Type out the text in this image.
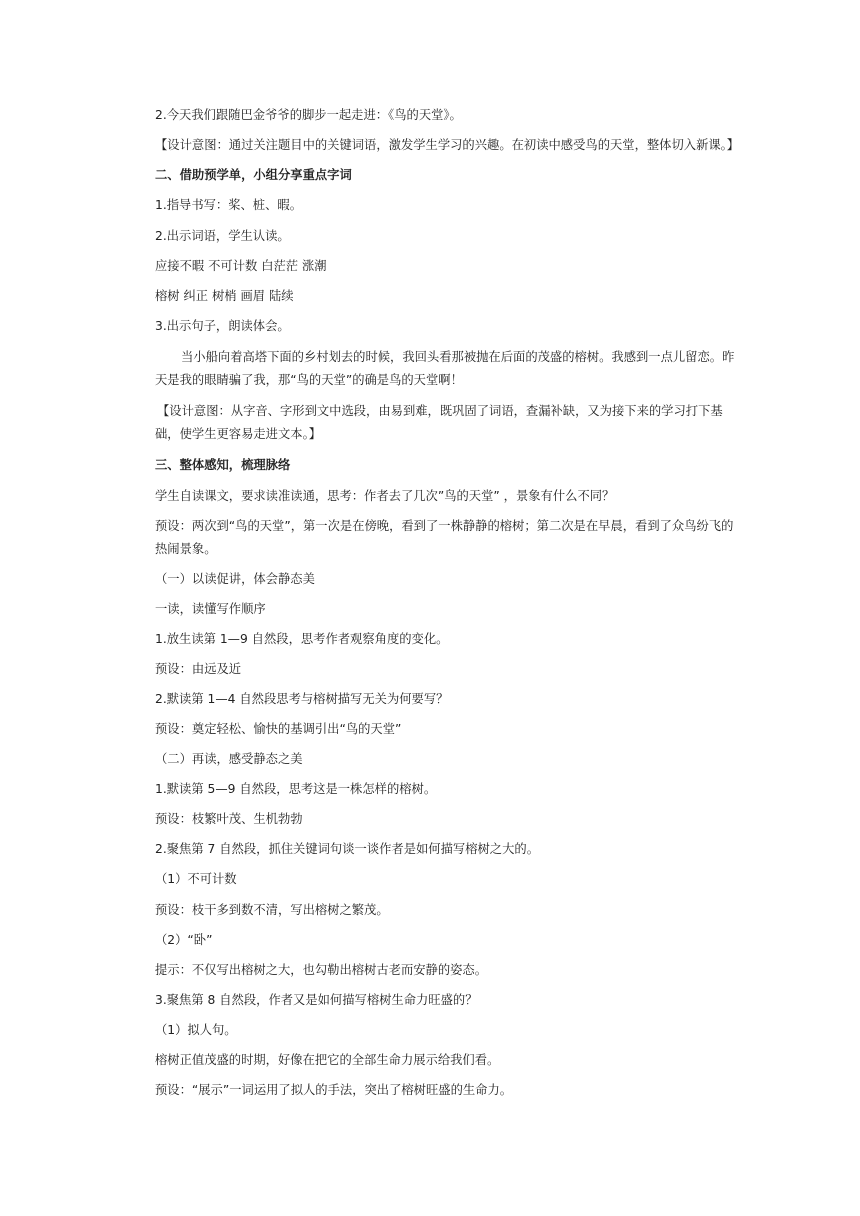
2.今天我们跟随巴金爷爷的脚步一起走进：《鸟的天堂》。
【设计意图：通过关注题目中的关键词语，激发学生学习的兴趣。在初读中感受鸟的天堂，整体切入新课。】
二、借助预学单，小组分享重点字词
1.指导书写：桨、桩、暇。
2.出示词语，学生认读。
应接不暇 不可计数 白茫茫 涨潮
榕树 纠正 树梢 画眉 陆续
3.出示句子，朗读体会。
当小船向着高塔下面的乡村划去的时候，我回头看那被抛在后面的茂盛的榕树。我感到一点儿留恋。昨天是我的眼睛骗了我，那“鸟的天堂”的确是鸟的天堂啊！
【设计意图：从字音、字形到文中选段，由易到难，既巩固了词语，查漏补缺，又为接下来的学习打下基础，使学生更容易走进文本。】
三、整体感知，梳理脉络
学生自读课文，要求读准读通，思考：作者去了几次”鸟的天堂” ，景象有什么不同？
预设：两次到“鸟的天堂”，第一次是在傍晚，看到了一株静静的榕树；第二次是在早晨，看到了众鸟纷飞的热闹景象。
（一）以读促讲，体会静态美
一读，读懂写作顺序
1.放生读第 1—9 自然段，思考作者观察角度的变化。
预设：由远及近
2.默读第 1—4 自然段思考与榕树描写无关为何要写？
预设：奠定轻松、愉快的基调引出“鸟的天堂”
（二）再读，感受静态之美
1.默读第 5—9 自然段，思考这是一株怎样的榕树。
预设：枝繁叶茂、生机勃勃
2.聚焦第 7 自然段，抓住关键词句谈一谈作者是如何描写榕树之大的。
（1）不可计数
预设：枝干多到数不清，写出榕树之繁茂。
（2）“卧”
提示：不仅写出榕树之大，也勾勒出榕树古老而安静的姿态。
3.聚焦第 8 自然段，作者又是如何描写榕树生命力旺盛的？
（1）拟人句。
榕树正值茂盛的时期，好像在把它的全部生命力展示给我们看。
预设：“展示”一词运用了拟人的手法，突出了榕树旺盛的生命力。
